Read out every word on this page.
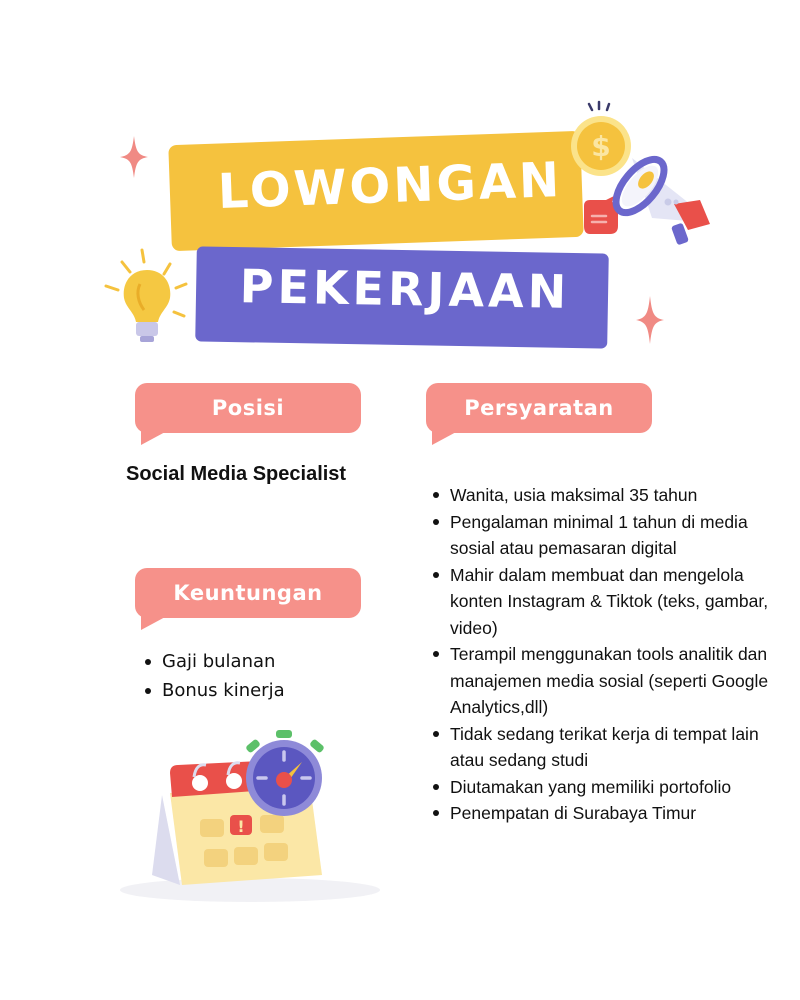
LOWONGAN
PEKERJAAN
$
Posisi
Social Media Specialist
Persyaratan
Wanita, usia maksimal 35 tahun
Pengalaman minimal 1 tahun di media sosial atau pemasaran digital
Mahir dalam membuat dan mengelola konten Instagram & Tiktok (teks, gambar, video)
Terampil menggunakan tools analitik dan manajemen media sosial (seperti Google Analytics,dll)
Tidak sedang terikat kerja di tempat lain atau sedang studi
Diutamakan yang memiliki portofolio
Penempatan di Surabaya Timur
Keuntungan
Gaji bulanan
Bonus kinerja
!
